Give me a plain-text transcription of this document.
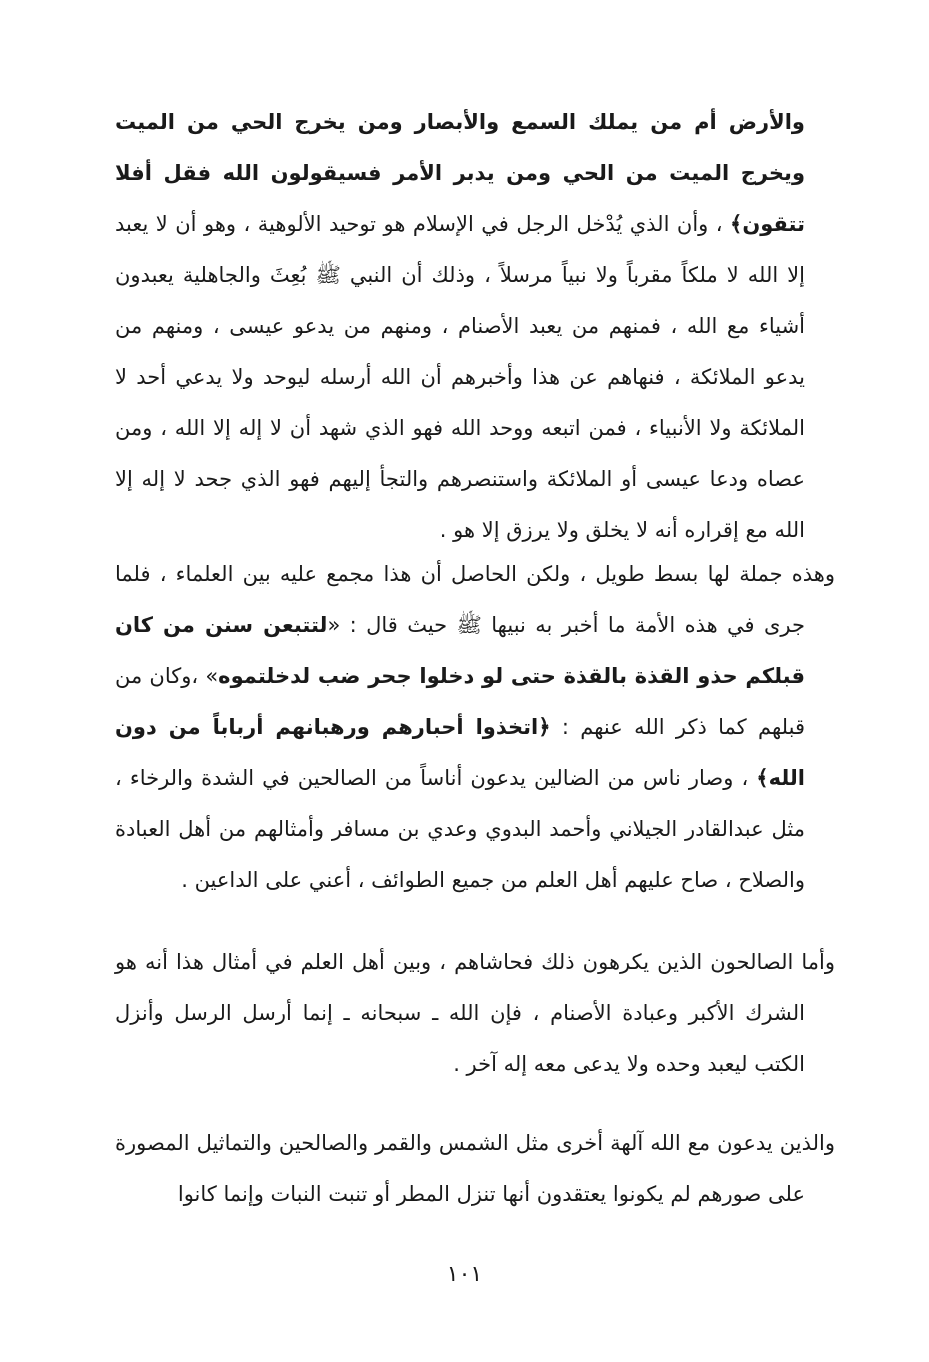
والأرض أم من يملك السمع والأبصار ومن يخرج الحي من الميت ويخرج الميت من الحي ومن يدبر الأمر فسيقولون الله فقل أفلا تتقون﴾ ، وأن الذي يُدْخل الرجل في الإسلام هو توحيد الألوهية ، وهو أن لا يعبد إلا الله لا ملكاً مقرباً ولا نبياً مرسلاً ، وذلك أن النبي ﷺ بُعِثَ والجاهلية يعبدون أشياء مع الله ، فمنهم من يعبد الأصنام ، ومنهم من يدعو عيسى ، ومنهم من يدعو الملائكة ، فنهاهم عن هذا وأخبرهم أن الله أرسله ليوحد ولا يدعي أحد لا الملائكة ولا الأنبياء ، فمن اتبعه ووحد الله فهو الذي شهد أن لا إله إلا الله ، ومن عصاه ودعا عيسى أو الملائكة واستنصرهم والتجأ إليهم فهو الذي جحد لا إله إلا الله مع إقراره أنه لا يخلق ولا يرزق إلا هو .

وهذه جملة لها بسط طويل ، ولكن الحاصل أن هذا مجمع عليه بين العلماء ، فلما جرى في هذه الأمة ما أخبر به نبيها ﷺ حيث قال : «لتتبعن سنن من كان قبلكم حذو القذة بالقذة حتى لو دخلوا جحر ضب لدخلتموه» ،وكان من قبلهم كما ذكر الله عنهم : ﴿اتخذوا أحبارهم ورهبانهم أرباباً من دون الله﴾ ، وصار ناس من الضالين يدعون أناساً من الصالحين في الشدة والرخاء ، مثل عبدالقادر الجيلاني وأحمد البدوي وعدي بن مسافر وأمثالهم من أهل العبادة والصلاح ، صاح عليهم أهل العلم من جميع الطوائف ، أعني على الداعين .

وأما الصالحون الذين يكرهون ذلك فحاشاهم ، وبين أهل العلم في أمثال هذا أنه هو الشرك الأكبر وعبادة الأصنام ، فإن الله ـ سبحانه ـ إنما أرسل الرسل وأنزل الكتب ليعبد وحده ولا يدعى معه إله آخر .

والذين يدعون مع الله آلهة أخرى مثل الشمس والقمر والصالحين والتماثيل المصورة على صورهم لم يكونوا يعتقدون أنها تنزل المطر أو تنبت النبات وإنما كانوا

١٠١
